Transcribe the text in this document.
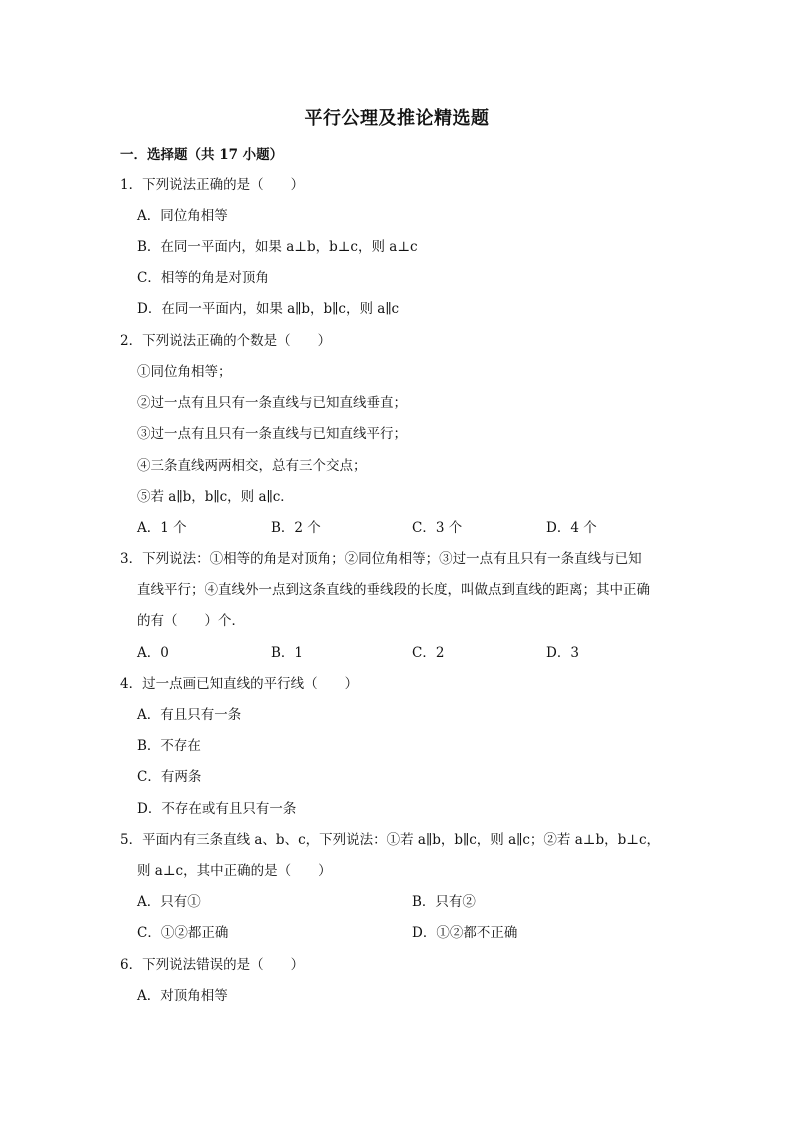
平行公理及推论精选题
一．选择题（共 17 小题）
1．下列说法正确的是（　　）
A．同位角相等
B．在同一平面内，如果 a⊥b，b⊥c，则 a⊥c
C．相等的角是对顶角
D．在同一平面内，如果 a∥b，b∥c，则 a∥c
2．下列说法正确的个数是（　　）
①同位角相等；
②过一点有且只有一条直线与已知直线垂直；
③过一点有且只有一条直线与已知直线平行；
④三条直线两两相交，总有三个交点；
⑤若 a∥b，b∥c，则 a∥c．
A．1 个	B．2 个	C．3 个	D．4 个
3．下列说法：①相等的角是对顶角；②同位角相等；③过一点有且只有一条直线与已知
直线平行；④直线外一点到这条直线的垂线段的长度，叫做点到直线的距离；其中正确
的有（　　）个．
A．0	B．1	C．2	D．3
4．过一点画已知直线的平行线（　　）
A．有且只有一条
B．不存在
C．有两条
D．不存在或有且只有一条
5．平面内有三条直线 a、b、c，下列说法：①若 a∥b，b∥c，则 a∥c；②若 a⊥b，b⊥c，
则 a⊥c，其中正确的是（　　）
A．只有①	B．只有②
C．①②都正确	D．①②都不正确
6．下列说法错误的是（　　）
A．对顶角相等
